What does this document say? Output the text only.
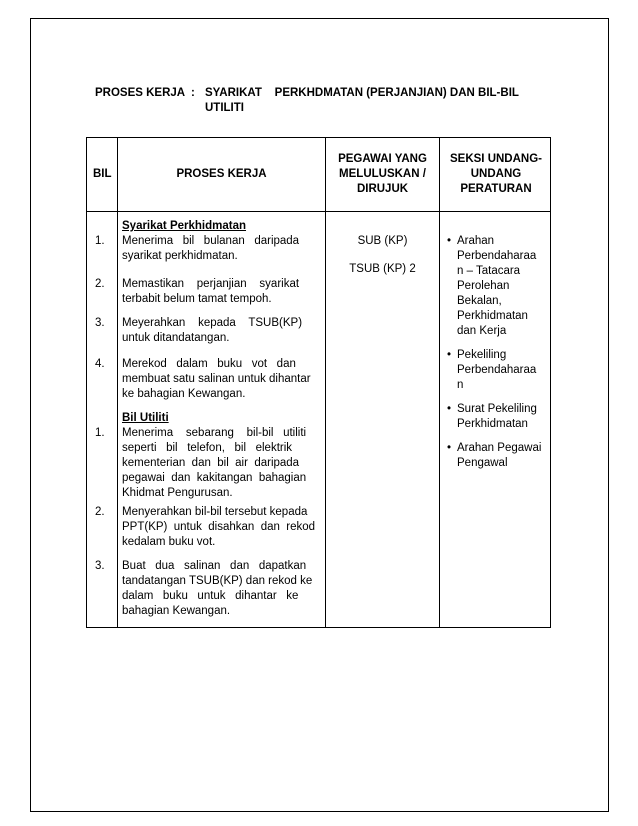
PROSES KERJA : SYARIKAT    PERKHDMATAN (PERJANJIAN) DAN BIL-BIL
UTILITI
BIL	PROSES KERJA
PEGAWAI YANG
MELULUSKAN /
DIRUJUK
SEKSI UNDANG-
UNDANG
PERATURAN
Syarikat Perkhidmatan
1. Menerima   bil   bulanan   daripada
syarikat perkhidmatan.
2. Memastikan    perjanjian    syarikat
terbabit belum tamat tempoh.
3. Meyerahkan    kepada    TSUB(KP)
untuk ditandatangan.
4. Merekod   dalam   buku   vot   dan
membuat satu salinan untuk dihantar
ke bahagian Kewangan.
Bil Utiliti
1. Menerima    sebarang    bil-bil   utiliti
seperti   bil   telefon,   bil   elektrik
kementerian  dan  bil  air  daripada
pegawai  dan  kakitangan  bahagian
Khidmat Pengurusan.
2. Menyerahkan bil-bil tersebut kepada
PPT(KP)  untuk  disahkan  dan  rekod
kedalam buku vot.
3. Buat   dua   salinan   dan   dapatkan
tandatangan TSUB(KP) dan rekod ke
dalam   buku   untuk   dihantar   ke
bahagian Kewangan.
SUB (KP)
TSUB (KP) 2
• Arahan
Perbendaharaa
n – Tatacara
Perolehan
Bekalan,
Perkhidmatan
dan Kerja
• Pekeliling
Perbendaharaa
n
• Surat Pekeliling
Perkhidmatan
• Arahan Pegawai
Pengawal
